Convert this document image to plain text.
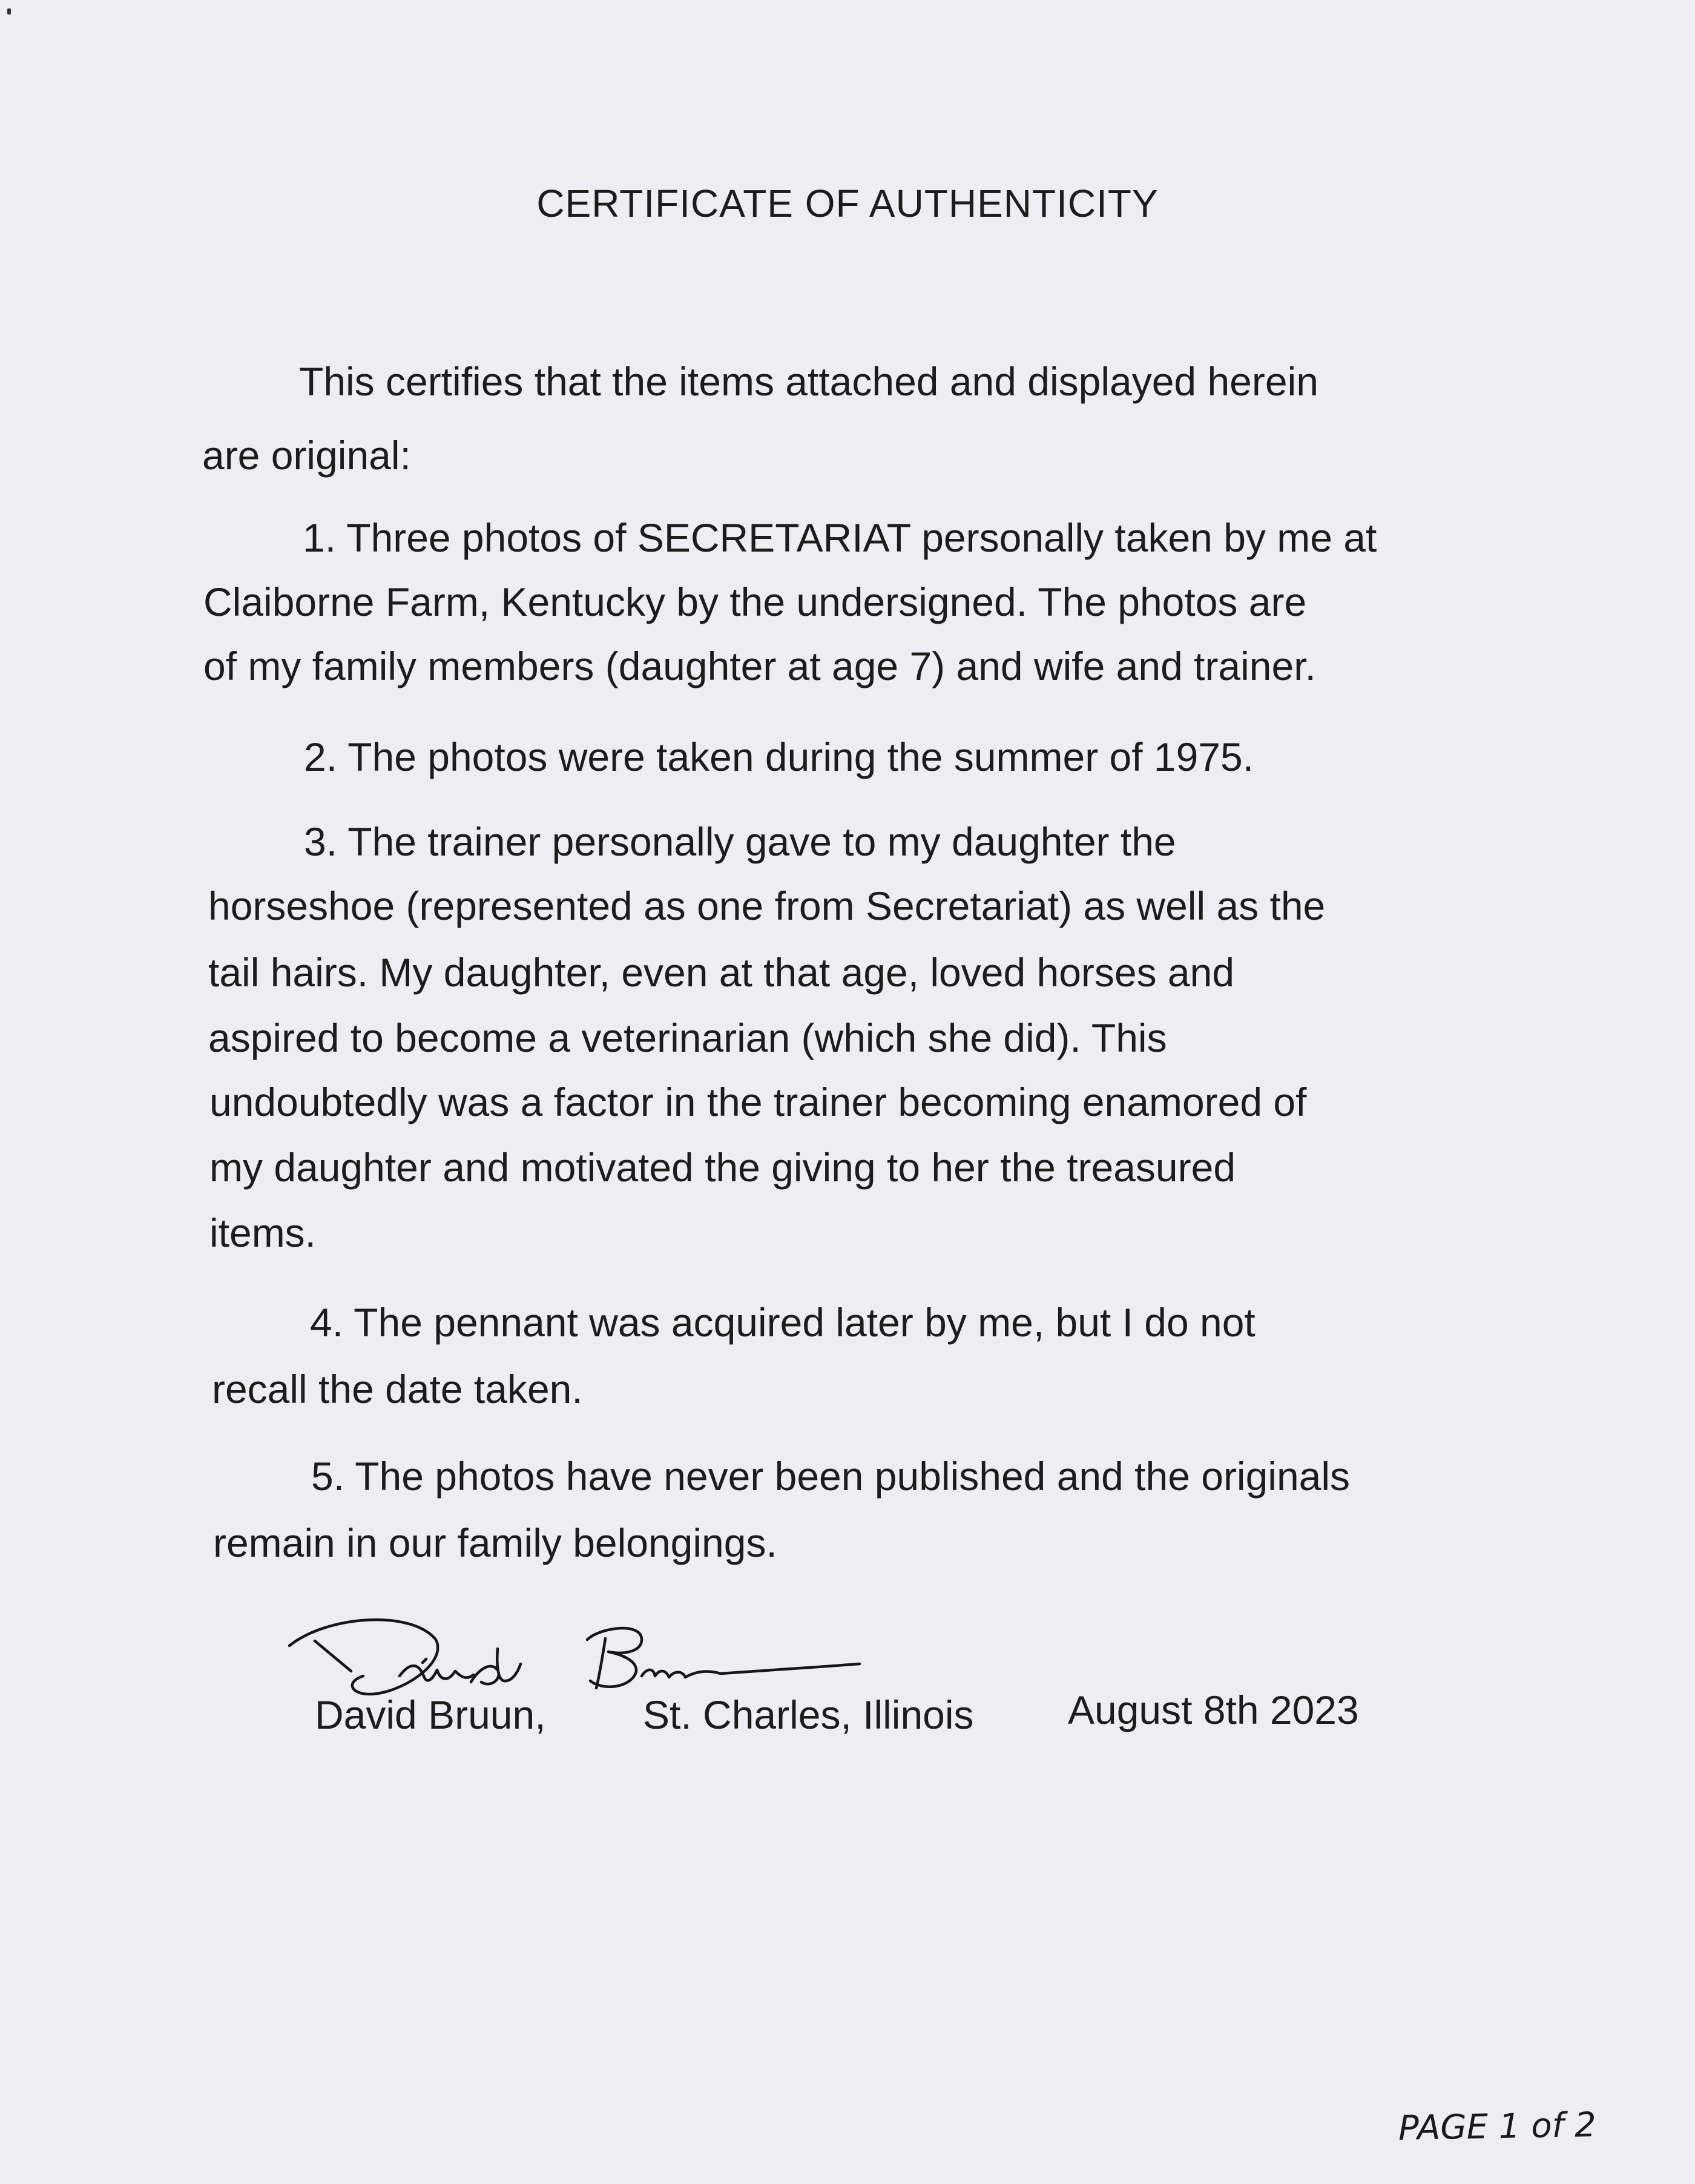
CERTIFICATE OF AUTHENTICITY
This certifies that the items attached and displayed herein
are original:
1. Three photos of SECRETARIAT personally taken by me at
Claiborne Farm, Kentucky by the undersigned. The photos are
of my family members (daughter at age 7) and wife and trainer.
2. The photos were taken during the summer of 1975.
3. The trainer personally gave to my daughter the
horseshoe (represented as one from Secretariat) as well as the
tail hairs. My daughter, even at that age, loved horses and
aspired to become a veterinarian (which she did). This
undoubtedly was a factor in the trainer becoming enamored of
my daughter and motivated the giving to her the treasured
items.
4. The pennant was acquired later by me, but I do not
recall the date taken.
5. The photos have never been published and the originals
remain in our family belongings.
David Bruun, St. Charles, Illinois August 8th 2023
PAGE 1 of 2
